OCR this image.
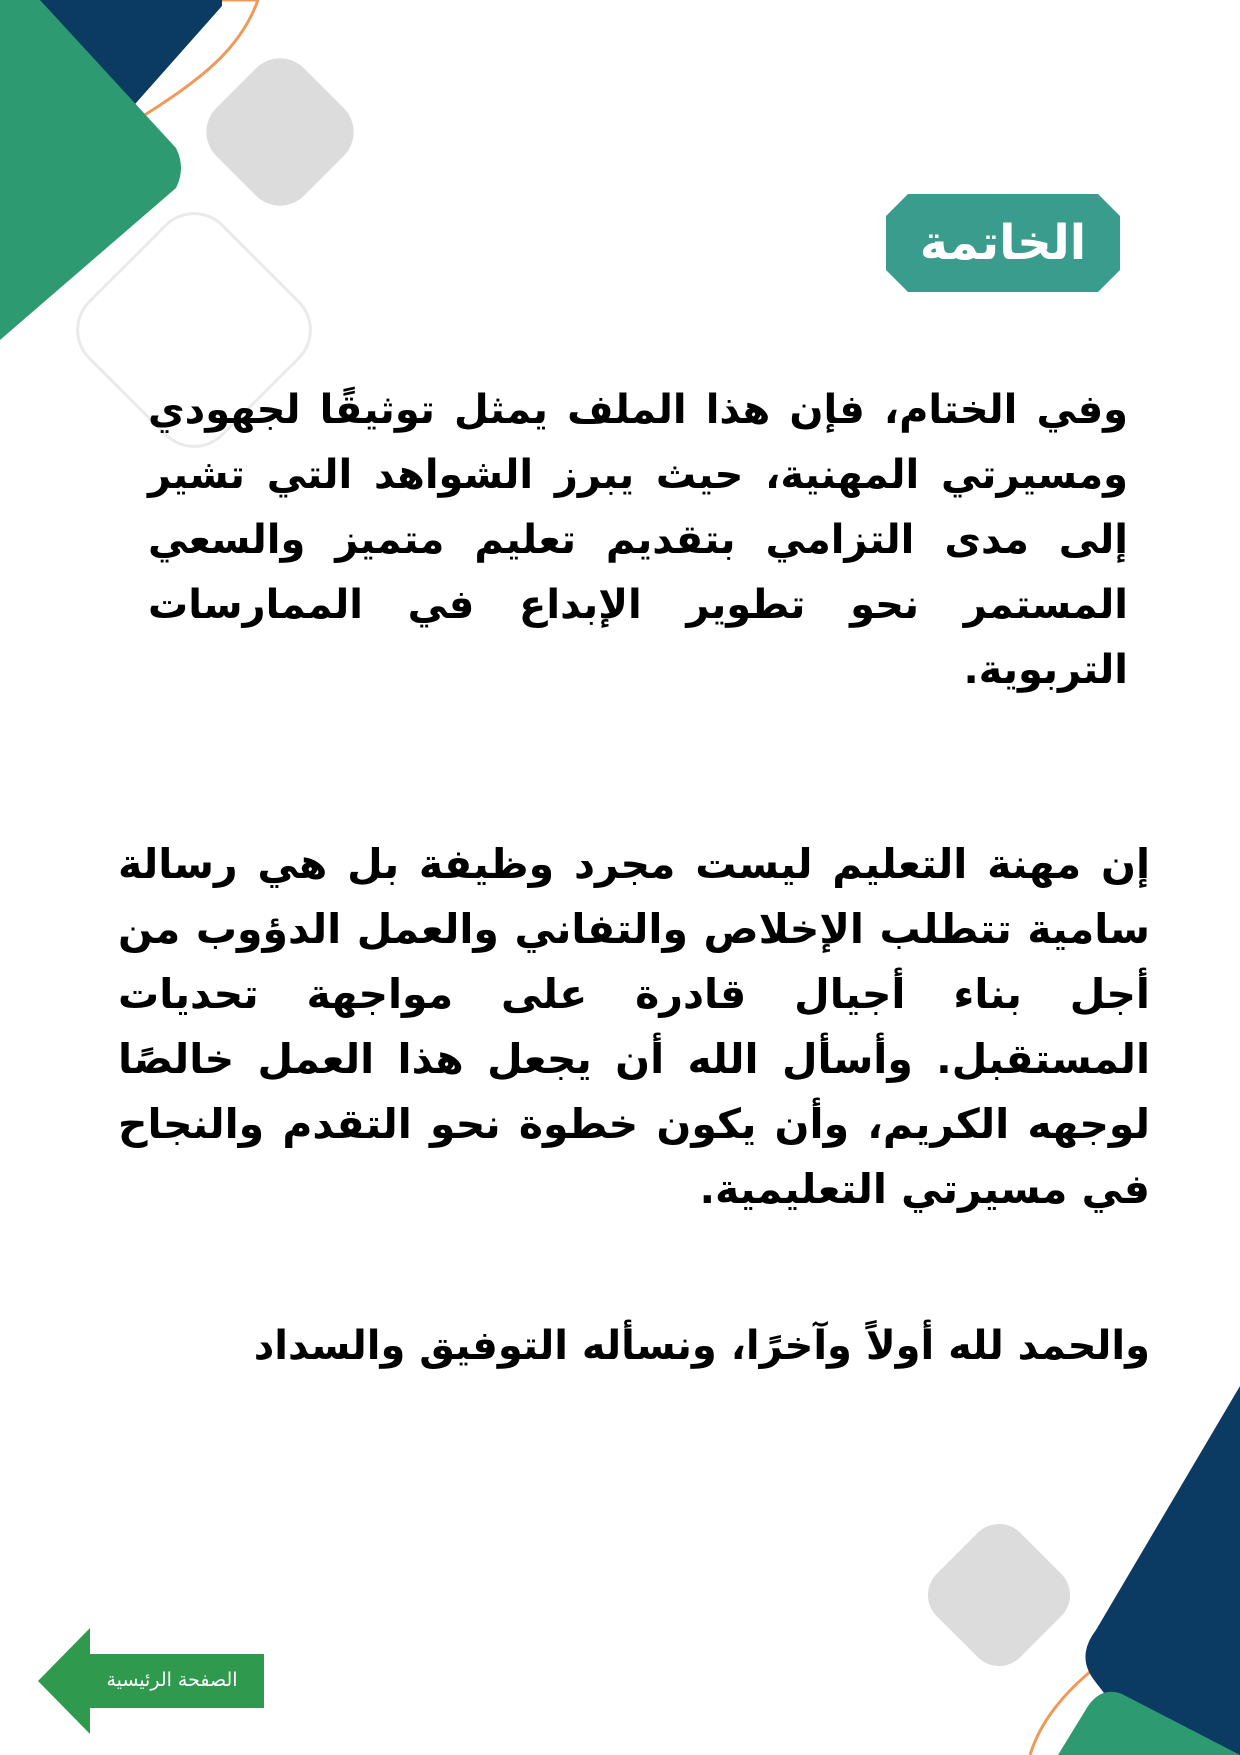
الخاتمة

وفي الختام، فإن هذا الملف يمثل توثيقًا لجهودي ومسيرتي المهنية، حيث يبرز الشواهد التي تشير إلى مدى التزامي بتقديم تعليم متميز والسعي المستمر نحو تطوير الإبداع في الممارسات التربوية.

إن مهنة التعليم ليست مجرد وظيفة بل هي رسالة سامية تتطلب الإخلاص والتفاني والعمل الدؤوب من أجل بناء أجيال قادرة على مواجهة تحديات المستقبل. وأسأل الله أن يجعل هذا العمل خالصًا لوجهه الكريم، وأن يكون خطوة نحو التقدم والنجاح في مسيرتي التعليمية.

والحمد لله أولاً وآخرًا، ونسأله التوفيق والسداد

الصفحة الرئيسية
